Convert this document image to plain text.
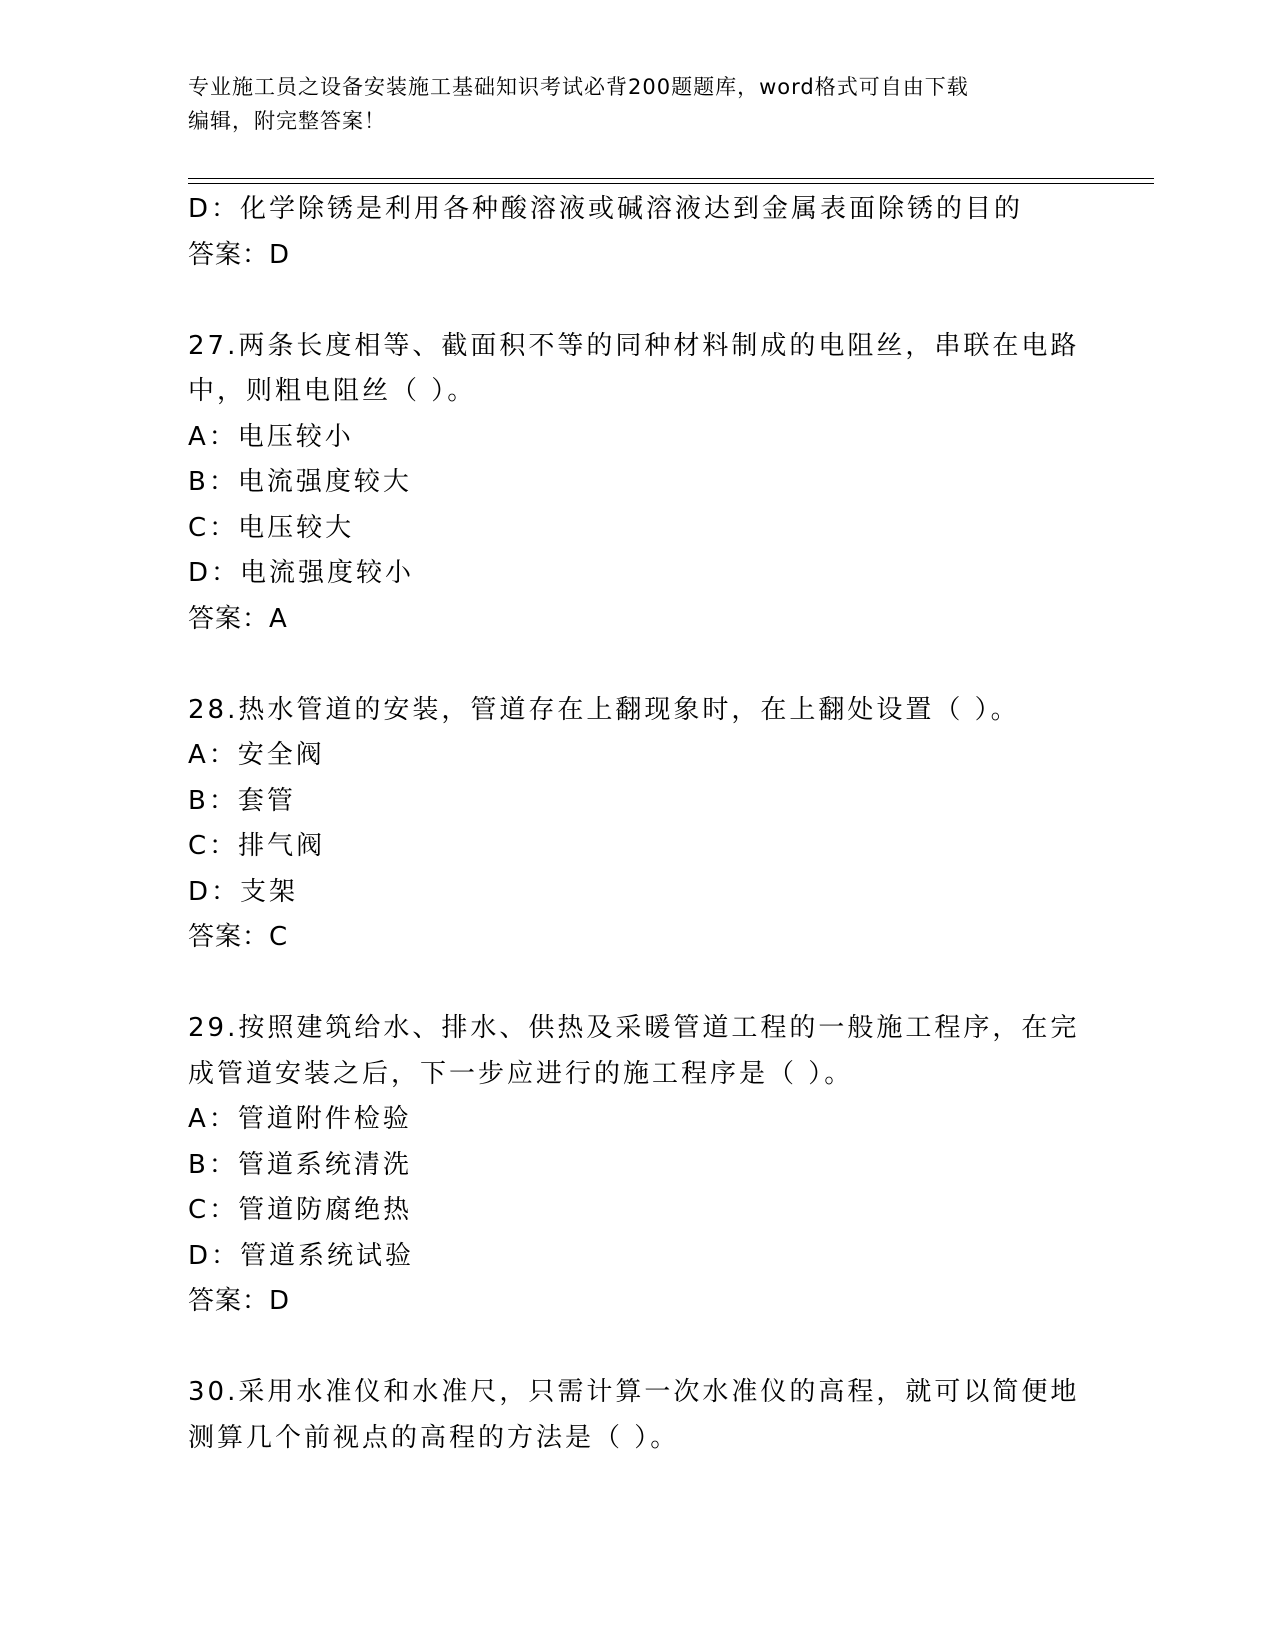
专业施工员之设备安装施工基础知识考试必背200题题库，word格式可自由下载
编辑，附完整答案！
D：化学除锈是利用各种酸溶液或碱溶液达到金属表面除锈的目的
答案：D
27.两条长度相等、截面积不等的同种材料制成的电阻丝，串联在电路
中，则粗电阻丝（ ）。
A：电压较小
B：电流强度较大
C：电压较大
D：电流强度较小
答案：A
28.热水管道的安装，管道存在上翻现象时，在上翻处设置（ ）。
A：安全阀
B：套管
C：排气阀
D：支架
答案：C
29.按照建筑给水、排水、供热及采暖管道工程的一般施工程序，在完
成管道安装之后，下一步应进行的施工程序是（ ）。
A：管道附件检验
B：管道系统清洗
C：管道防腐绝热
D：管道系统试验
答案：D
30.采用水准仪和水准尺，只需计算一次水准仪的高程，就可以简便地
测算几个前视点的高程的方法是（ ）。
